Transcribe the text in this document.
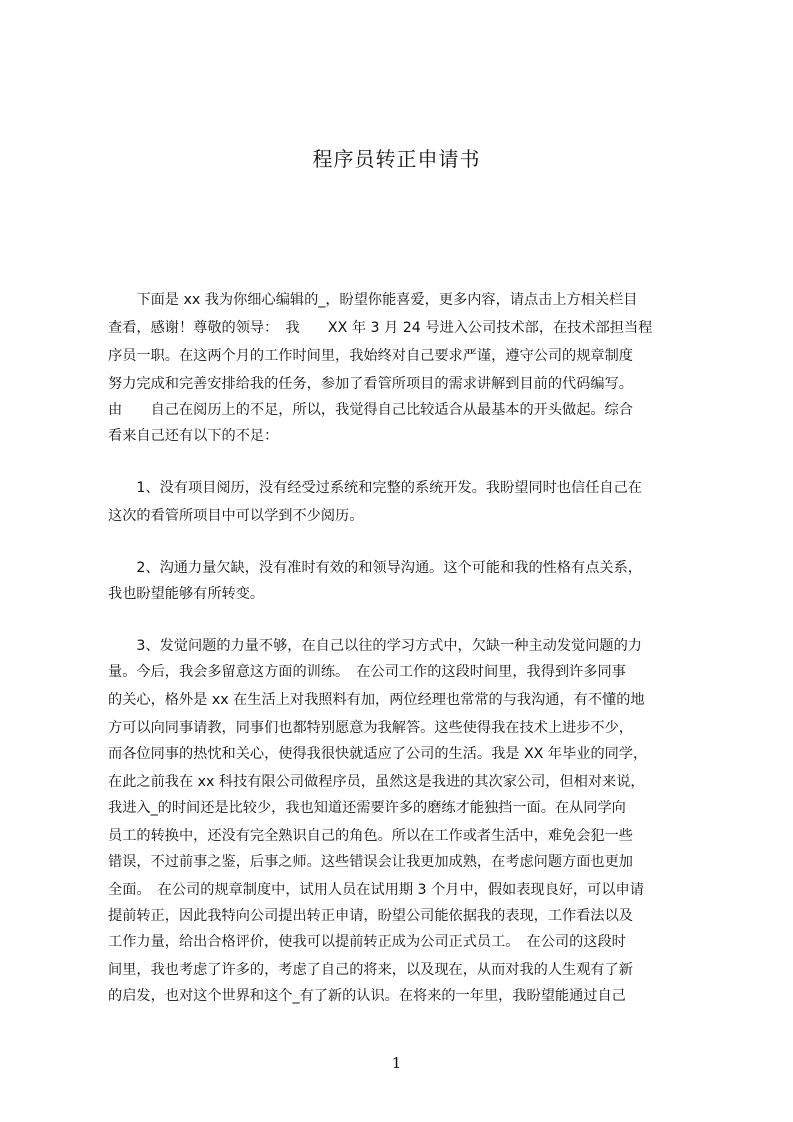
程序员转正申请书
　　下面是 xx 我为你细心编辑的_，盼望你能喜爱，更多内容，请点击上方相关栏目
查看，感谢！尊敬的领导：　我　　XX 年 3 月 24 号进入公司技术部，在技术部担当程
序员一职。在这两个月的工作时间里，我始终对自己要求严谨，遵守公司的规章制度
努力完成和完善安排给我的任务，参加了看管所项目的需求讲解到目前的代码编写。
由　　自己在阅历上的不足，所以，我觉得自己比较适合从最基本的开头做起。综合
看来自己还有以下的不足：
　　1、没有项目阅历，没有经受过系统和完整的系统开发。我盼望同时也信任自己在
这次的看管所项目中可以学到不少阅历。
　　2、沟通力量欠缺，没有准时有效的和领导沟通。这个可能和我的性格有点关系，
我也盼望能够有所转变。
　　3、发觉问题的力量不够，在自己以往的学习方式中，欠缺一种主动发觉问题的力
量。今后，我会多留意这方面的训练。　在公司工作的这段时间里，我得到许多同事
的关心，格外是 xx 在生活上对我照料有加，两位经理也常常的与我沟通，有不懂的地
方可以向同事请教，同事们也都特别愿意为我解答。这些使得我在技术上进步不少，
而各位同事的热忱和关心，使得我很快就适应了公司的生活。我是 XX 年毕业的同学，
在此之前我在 xx 科技有限公司做程序员，虽然这是我进的其次家公司，但相对来说，
我进入_的时间还是比较少，我也知道还需要许多的磨练才能独挡一面。在从同学向
员工的转换中，还没有完全熟识自己的角色。所以在工作或者生活中，难免会犯一些
错误，不过前事之鉴，后事之师。这些错误会让我更加成熟，在考虑问题方面也更加
全面。　在公司的规章制度中，试用人员在试用期 3 个月中，假如表现良好，可以申请
提前转正，因此我特向公司提出转正申请，盼望公司能依据我的表现，工作看法以及
工作力量，给出合格评价，使我可以提前转正成为公司正式员工。　在公司的这段时
间里，我也考虑了许多的，考虑了自己的将来，以及现在，从而对我的人生观有了新
的启发，也对这个世界和这个_有了新的认识。在将来的一年里，我盼望能通过自己
1
